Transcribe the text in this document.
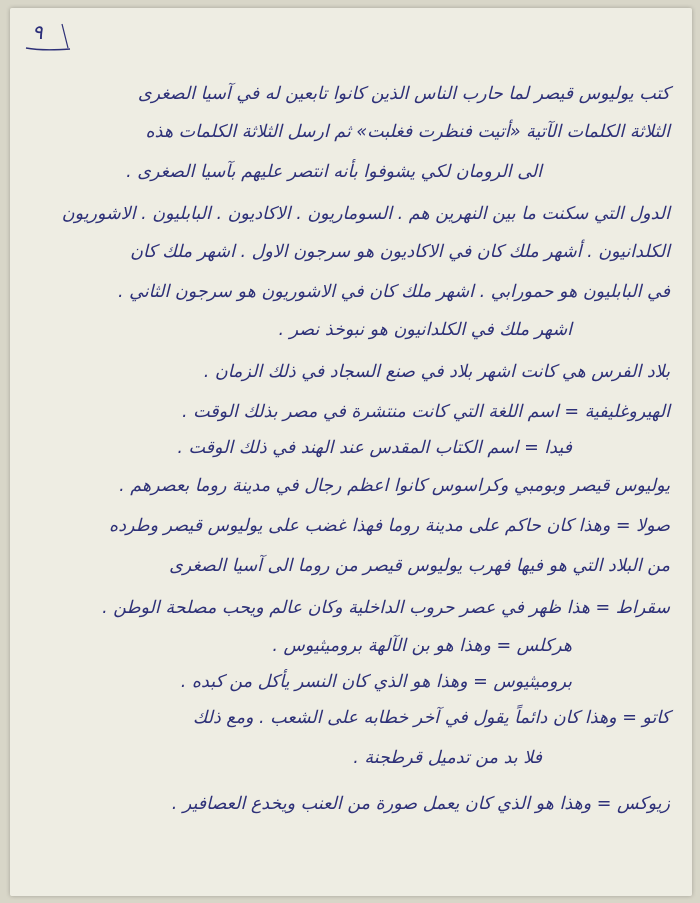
٩
كتب يوليوس قيصر لما حارب الناس الذين كانوا تابعين له في آسيا الصغرى
الثلاثة الكلمات الآتية «أتيت فنظرت فغلبت» ثم ارسل الثلاثة الكلمات هذه
الى الرومان لكي يشوفوا بأنه انتصر عليهم بآسيا الصغرى .
الدول التي سكنت ما بين النهرين هم . السوماريون . الاكاديون . البابليون . الاشوريون
الكلدانيون . أشهر ملك كان في الاكاديون هو سرجون الاول . اشهر ملك كان
في البابليون هو حمورابي . اشهر ملك كان في الاشوريون هو سرجون الثاني .
اشهر ملك في الكلدانيون هو نبوخذ نصر .
بلاد الفرس هي كانت اشهر بلاد في صنع السجاد في ذلك الزمان .
الهيروغليفية = اسم اللغة التي كانت منتشرة في مصر بذلك الوقت .
فيدا = اسم الكتاب المقدس عند الهند في ذلك الوقت .
يوليوس قيصر وبومبي وكراسوس كانوا اعظم رجال في مدينة روما بعصرهم .
صولا = وهذا كان حاكم على مدينة روما فهذا غضب على يوليوس قيصر وطرده
من البلاد التي هو فيها فهرب يوليوس قيصر من روما الى آسيا الصغرى
سقراط = هذا ظهر في عصر حروب الداخلية وكان عالم ويحب مصلحة الوطن .
هركلس = وهذا هو بن الآلهة بروميثيوس .
بروميثيوس = وهذا هو الذي كان النسر يأكل من كبده .
كاتو = وهذا كان دائماً يقول في آخر خطابه على الشعب . ومع ذلك
فلا بد من تدميل قرطجنة .
زيوكس = وهذا هو الذي كان يعمل صورة من العنب ويخدع العصافير .
